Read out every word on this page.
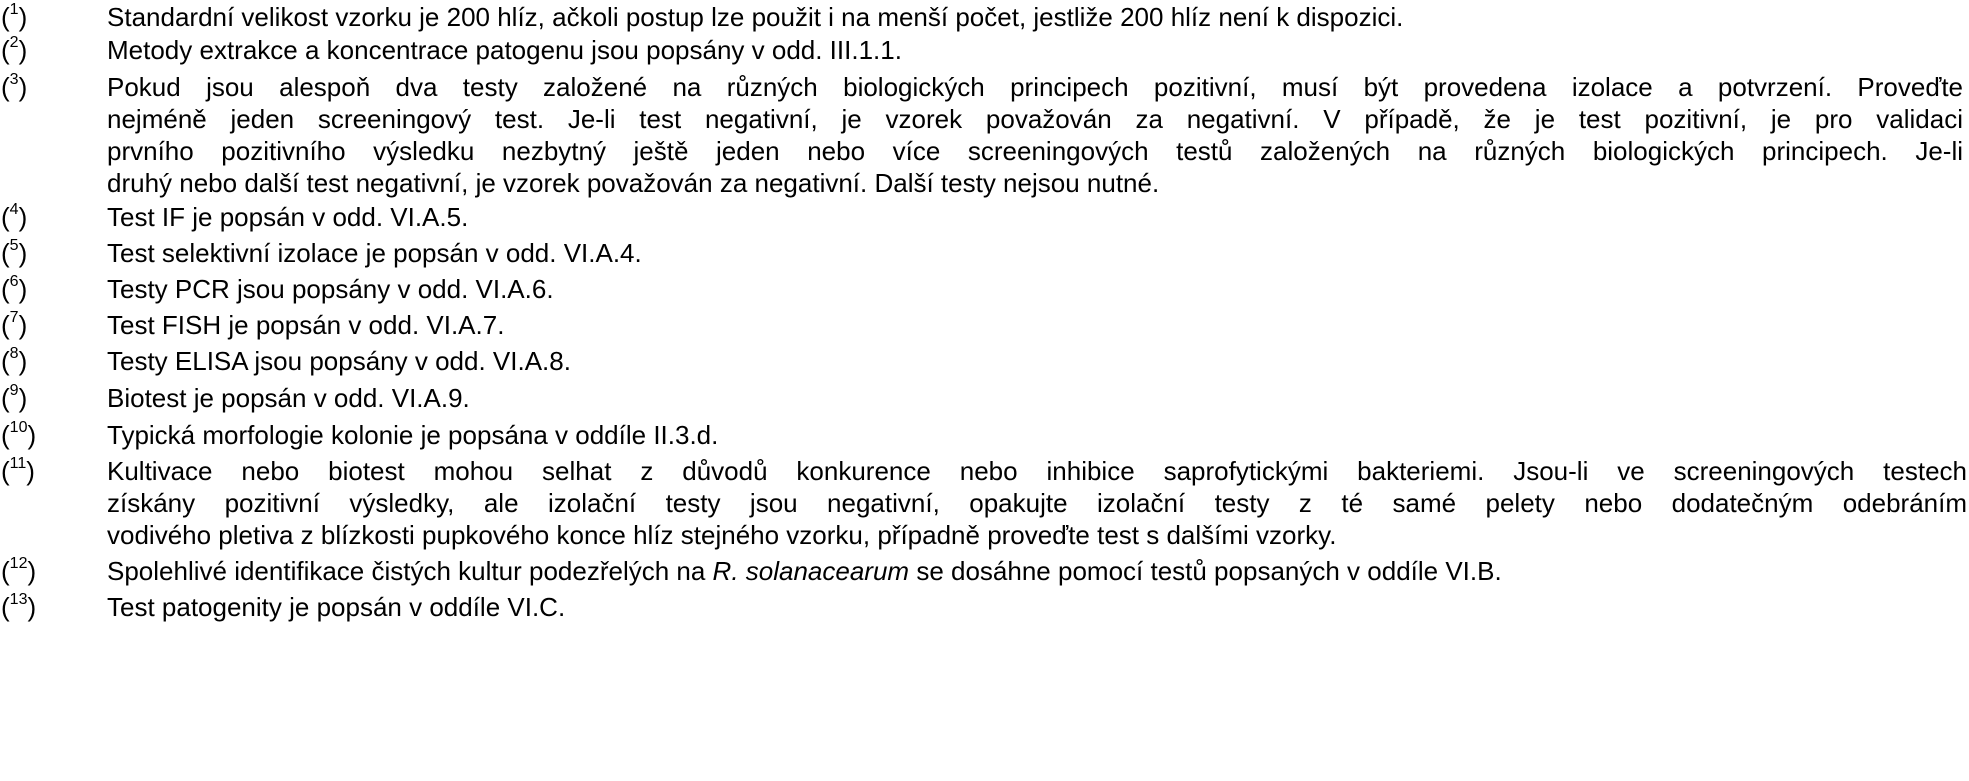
($^1$)	Standardní velikost vzorku je 200 hlíz, ačkoli postup lze použit i na menší počet, jestliže 200 hlíz není k dispozici.
($^2$)	Metody extrakce a koncentrace patogenu jsou popsány v odd. III.1.1.
($^3$)	Pokud jsou alespoň dva testy založené na různých biologických principech pozitivní, musí být provedena izolace a potvrzení. Proveďte
nejméně jeden screeningový test. Je-li test negativní, je vzorek považován za negativní. V případě, že je test pozitivní, je pro validaci
prvního pozitivního výsledku nezbytný ještě jeden nebo více screeningových testů založených na různých biologických principech. Je-li
druhý nebo další test negativní, je vzorek považován za negativní. Další testy nejsou nutné.
($^4$)	Test IF je popsán v odd. VI.A.5.
($^5$)	Test selektivní izolace je popsán v odd. VI.A.4.
($^6$)	Testy PCR jsou popsány v odd. VI.A.6.
($^7$)	Test FISH je popsán v odd. VI.A.7.
($^8$)	Testy ELISA jsou popsány v odd. VI.A.8.
($^9$)	Biotest je popsán v odd. VI.A.9.
($^{10}$)	Typická morfologie kolonie je popsána v oddíle II.3.d.
($^{11}$)	Kultivace nebo biotest mohou selhat z důvodů konkurence nebo inhibice saprofytickými bakteriemi. Jsou-li ve screeningových testech
získány pozitivní výsledky, ale izolační testy jsou negativní, opakujte izolační testy z té samé pelety nebo dodatečným odebráním
vodivého pletiva z blízkosti pupkového konce hlíz stejného vzorku, případně proveďte test s dalšími vzorky.
($^{12}$)	Spolehlivé identifikace čistých kultur podezřelých na R. solanacearum se dosáhne pomocí testů popsaných v oddíle VI.B.
($^{13}$)	Test patogenity je popsán v oddíle VI.C.
